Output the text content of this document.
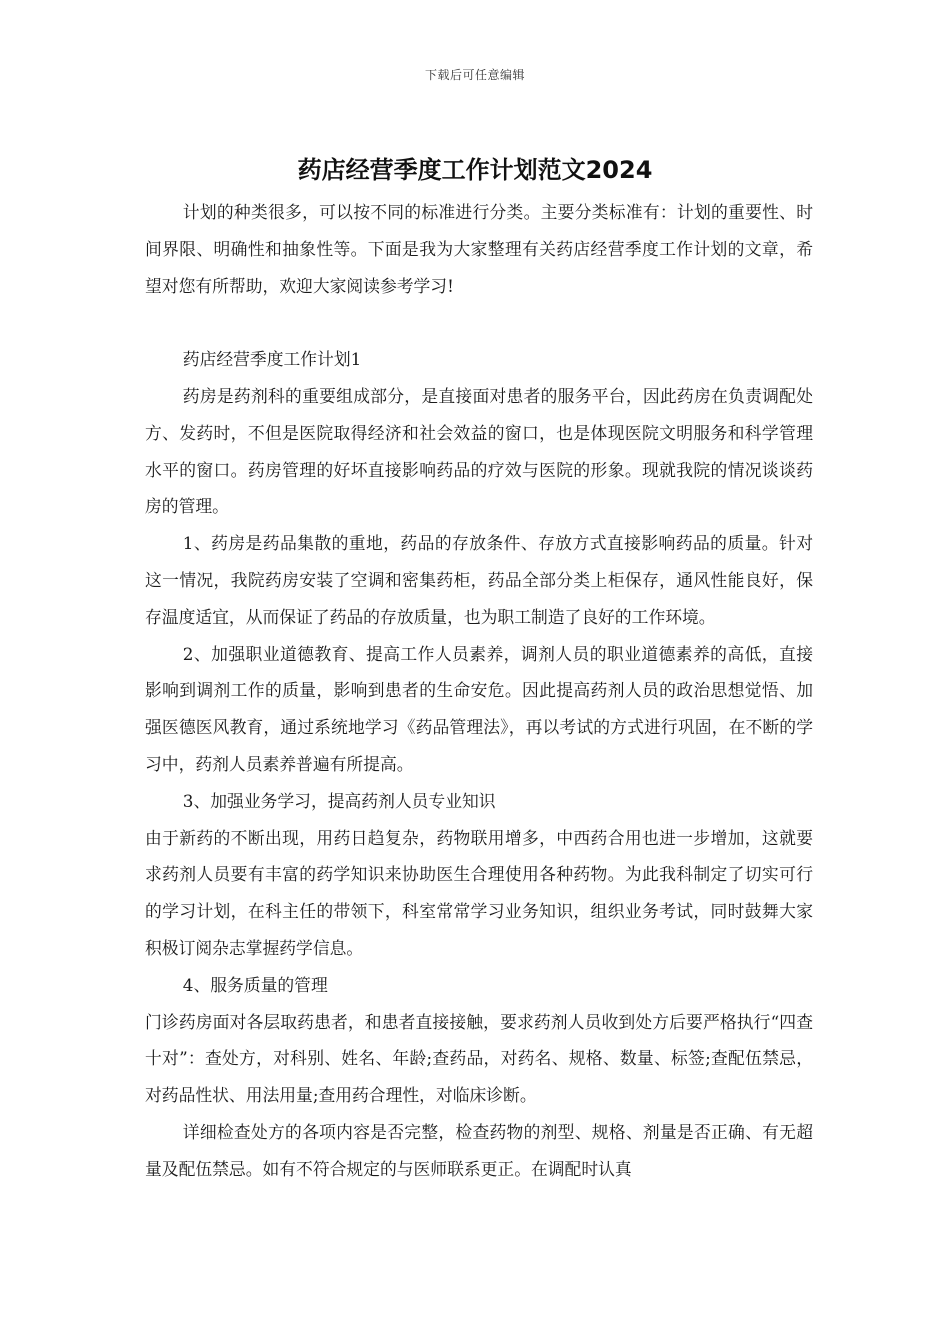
下载后可任意编辑
药店经营季度工作计划范文2024

计划的种类很多，可以按不同的标准进行分类。主要分类标准有：计划的重要性、时间界限、明确性和抽象性等。下面是我为大家整理有关药店经营季度工作计划的文章，希望对您有所帮助，欢迎大家阅读参考学习!

药店经营季度工作计划1

药房是药剂科的重要组成部分，是直接面对患者的服务平台，因此药房在负责调配处方、发药时，不但是医院取得经济和社会效益的窗口，也是体现医院文明服务和科学管理水平的窗口。药房管理的好坏直接影响药品的疗效与医院的形象。现就我院的情况谈谈药房的管理。

1、药房是药品集散的重地，药品的存放条件、存放方式直接影响药品的质量。针对这一情况，我院药房安装了空调和密集药柜，药品全部分类上柜保存，通风性能良好，保存温度适宜，从而保证了药品的存放质量，也为职工制造了良好的工作环境。

2、加强职业道德教育、提高工作人员素养，调剂人员的职业道德素养的高低，直接影响到调剂工作的质量，影响到患者的生命安危。因此提高药剂人员的政治思想觉悟、加强医德医风教育，通过系统地学习《药品管理法》，再以考试的方式进行巩固，在不断的学习中，药剂人员素养普遍有所提高。

3、加强业务学习，提高药剂人员专业知识

由于新药的不断出现，用药日趋复杂，药物联用增多，中西药合用也进一步增加，这就要求药剂人员要有丰富的药学知识来协助医生合理使用各种药物。为此我科制定了切实可行的学习计划，在科主任的带领下，科室常常学习业务知识，组织业务考试，同时鼓舞大家积极订阅杂志掌握药学信息。

4、服务质量的管理

门诊药房面对各层取药患者，和患者直接接触，要求药剂人员收到处方后要严格执行“四查十对”：查处方，对科别、姓名、年龄;查药品，对药名、规格、数量、标签;查配伍禁忌，对药品性状、用法用量;查用药合理性，对临床诊断。

详细检查处方的各项内容是否完整，检查药物的剂型、规格、剂量是否正确、有无超量及配伍禁忌。如有不符合规定的与医师联系更正。在调配时认真
